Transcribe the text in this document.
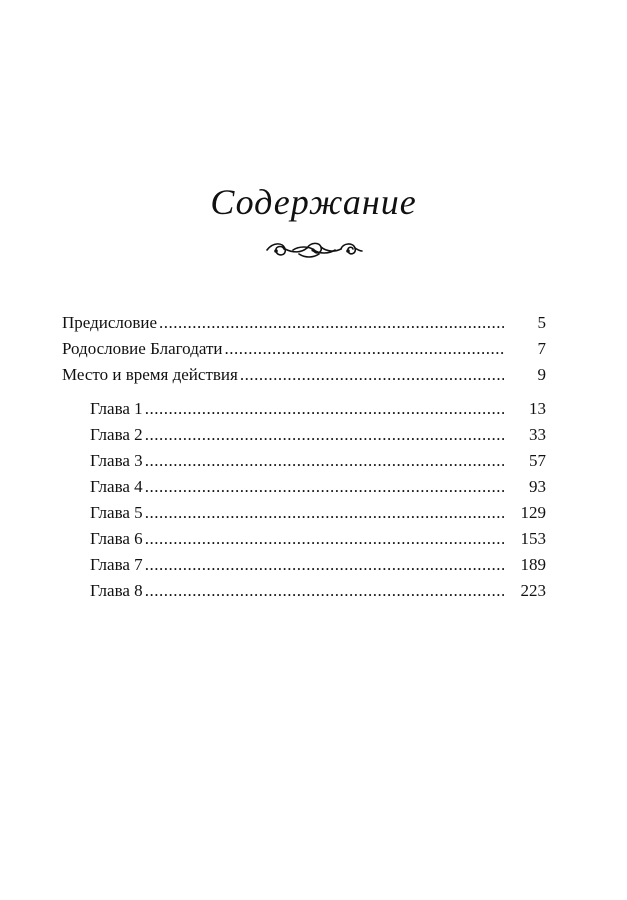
Содержание
Предисловие .....	5
Родословие Благодати .....	7
Место и время действия .....	9
Глава 1 .....	13
Глава 2 .....	33
Глава 3 .....	57
Глава 4 .....	93
Глава 5 .....	129
Глава 6 .....	153
Глава 7 .....	189
Глава 8 .....	223
